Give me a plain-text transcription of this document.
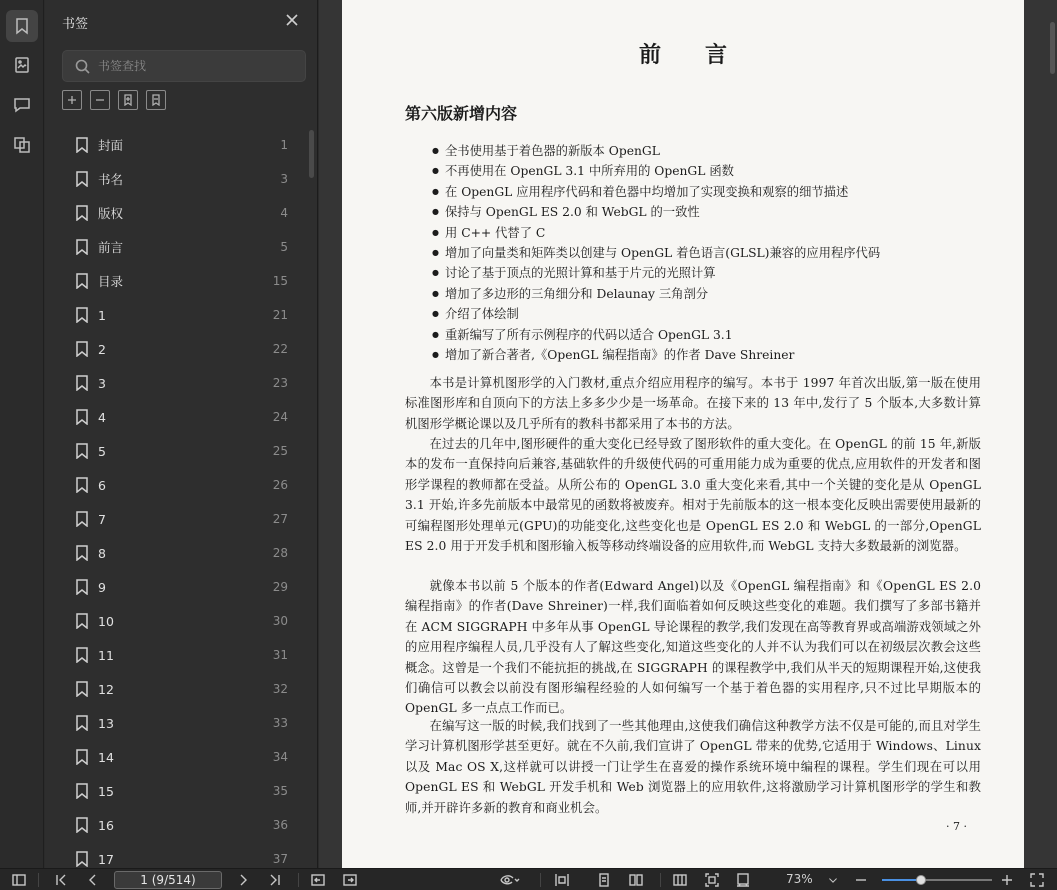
书签
书签查找
封面	1
书名	3
版权	4
前言	5
目录	15
1	21
2	22
3	23
4	24
5	25
6	26
7	27
8	28
9	29
10	30
11	31
12	32
13	33
14	34
15	35
16	36
17	37
前言
第六版新增内容
● 全书使用基于着色器的新版本 OpenGL
● 不再使用在 OpenGL 3.1 中所弃用的 OpenGL 函数
● 在 OpenGL 应用程序代码和着色器中均增加了实现变换和观察的细节描述
● 保持与 OpenGL ES 2.0 和 WebGL 的一致性
● 用 C++ 代替了 C
● 增加了向量类和矩阵类以创建与 OpenGL 着色语言(GLSL)兼容的应用程序代码
● 讨论了基于顶点的光照计算和基于片元的光照计算
● 增加了多边形的三角细分和 Delaunay 三角剖分
● 介绍了体绘制
● 重新编写了所有示例程序的代码以适合 OpenGL 3.1
● 增加了新合著者,《OpenGL 编程指南》的作者 Dave Shreiner

本书是计算机图形学的入门教材,重点介绍应用程序的编写。本书于 1997 年首次出版,第一版在使用标准图形库和自顶向下的方法上多多少少是一场革命。在接下来的 13 年中,发行了 5 个版本,大多数计算机图形学概论课以及几乎所有的教科书都采用了本书的方法。

在过去的几年中,图形硬件的重大变化已经导致了图形软件的重大变化。在 OpenGL 的前 15 年,新版本的发布一直保持向后兼容,基础软件的升级使代码的可重用能力成为重要的优点,应用软件的开发者和图形学课程的教师都在受益。从所公布的 OpenGL 3.0 重大变化来看,其中一个关键的变化是从 OpenGL 3.1 开始,许多先前版本中最常见的函数将被废弃。相对于先前版本的这一根本变化反映出需要使用最新的可编程图形处理单元(GPU)的功能变化,这些变化也是 OpenGL ES 2.0 和 WebGL 的一部分,OpenGL ES 2.0 用于开发手机和图形输入板等移动终端设备的应用软件,而 WebGL 支持大多数最新的浏览器。

就像本书以前 5 个版本的作者(Edward Angel)以及《OpenGL 编程指南》和《OpenGL ES 2.0 编程指南》的作者(Dave Shreiner)一样,我们面临着如何反映这些变化的难题。我们撰写了多部书籍并在 ACM SIGGRAPH 中多年从事 OpenGL 导论课程的教学,我们发现在高等教育界或高端游戏领域之外的应用程序编程人员,几乎没有人了解这些变化,知道这些变化的人并不认为我们可以在初级层次教会这些概念。这曾是一个我们不能抗拒的挑战,在 SIGGRAPH 的课程教学中,我们从半天的短期课程开始,这使我们确信可以教会以前没有图形编程经验的人如何编写一个基于着色器的实用程序,只不过比早期版本的 OpenGL 多一点点工作而已。

在编写这一版的时候,我们找到了一些其他理由,这使我们确信这种教学方法不仅是可能的,而且对学生学习计算机图形学甚至更好。就在不久前,我们宣讲了 OpenGL 带来的优势,它适用于 Windows、Linux 以及 Mac OS X,这样就可以讲授一门让学生在喜爱的操作系统环境中编程的课程。学生们现在可以用 OpenGL ES 和 WebGL 开发手机和 Web 浏览器上的应用软件,这将激励学习计算机图形学的学生和教师,并开辟许多新的教育和商业机会。

· 7 ·
1 (9/514)
73%
